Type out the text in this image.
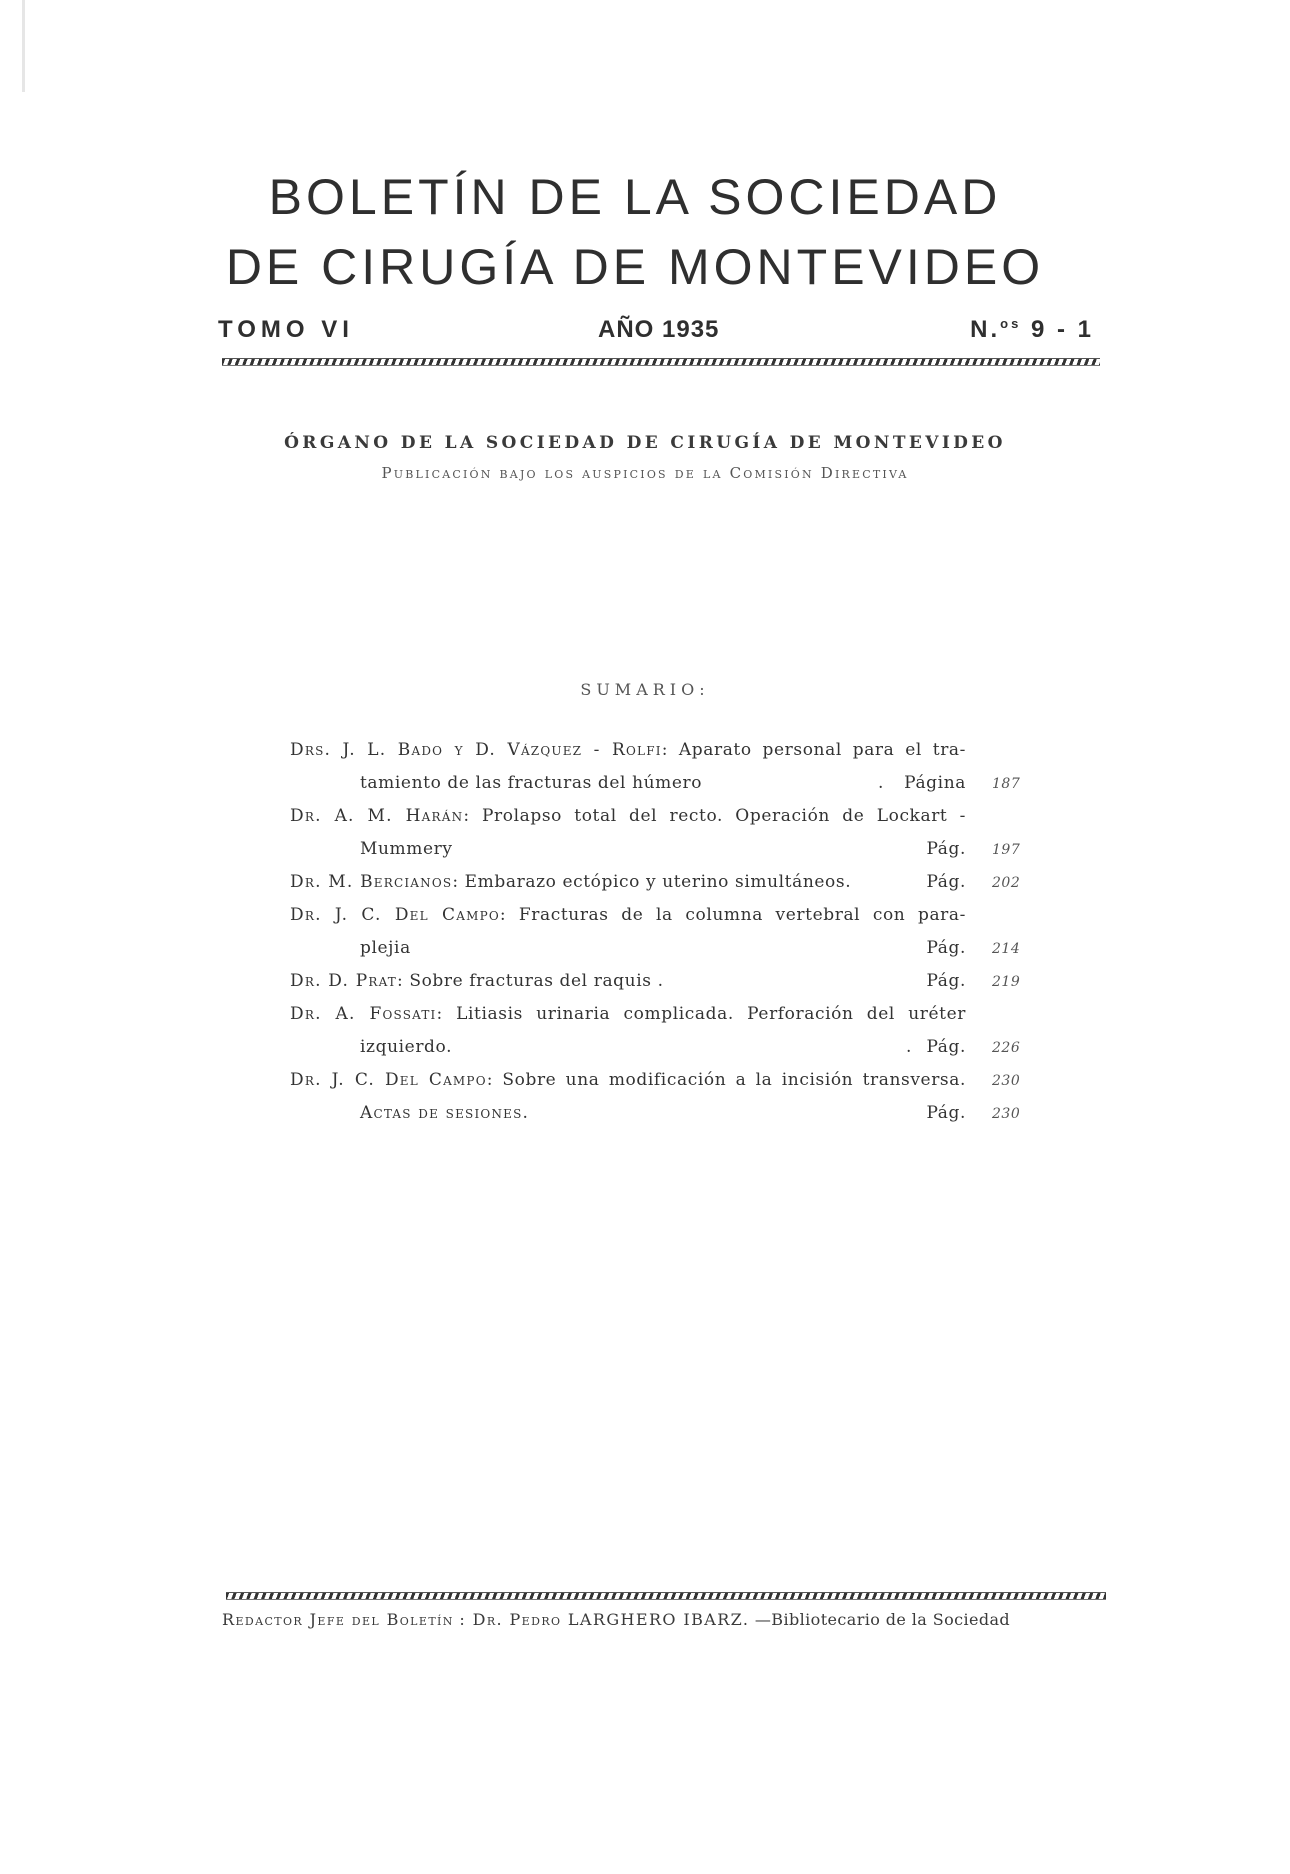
BOLETÍN DE LA SOCIEDAD
DE CIRUGÍA DE MONTEVIDEO
TOMO VI	AÑO 1935	N.$^{os}$ 9 - 1
ÓRGANO DE LA SOCIEDAD DE CIRUGÍA DE MONTEVIDEO
Publicación bajo los auspicios de la Comisión Directiva
SUMARIO:
Drs. J. L. Bado y D. Vázquez - Rolfi: Aparato personal para el tra-
tamiento de las fracturas del húmero	. Página 187
Dr. A. M. Harán: Prolapso total del recto. Operación de Lockart -
Mummery	Pág. 197
Dr. M. Bercianos: Embarazo ectópico y uterino simultáneos.	Pág. 202
Dr. J. C. Del Campo: Fracturas de la columna vertebral con para-
plejia	Pág. 214
Dr. D. Prat: Sobre fracturas del raquis .	Pág. 219
Dr. A. Fossati: Litiasis urinaria complicada. Perforación del uréter
izquierdo.	. Pág. 226
Dr. J. C. Del Campo: Sobre una modificación a la incisión transversa. 230
Actas de sesiones.	Pág. 230
Redactor Jefe del Boletín : Dr. Pedro LARGHERO IBARZ. —Bibliotecario de la Sociedad
